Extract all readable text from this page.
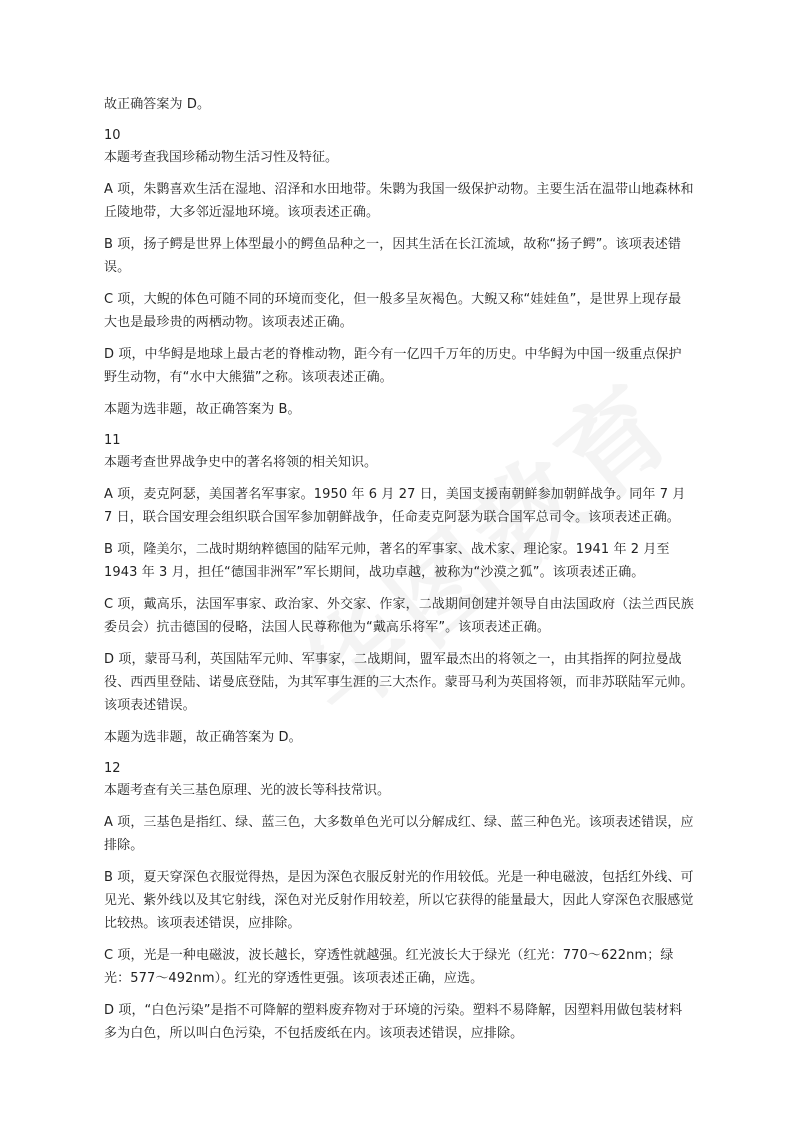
故正确答案为 D。

10

本题考查我国珍稀动物生活习性及特征。

A 项，朱鹮喜欢生活在湿地、沼泽和水田地带。朱鹮为我国一级保护动物。主要生活在温带山地森林和丘陵地带，大多邻近湿地环境。该项表述正确。

B 项，扬子鳄是世界上体型最小的鳄鱼品种之一，因其生活在长江流域，故称“扬子鳄”。该项表述错误。

C 项，大鲵的体色可随不同的环境而变化，但一般多呈灰褐色。大鲵又称“娃娃鱼”，是世界上现存最大也是最珍贵的两栖动物。该项表述正确。

D 项，中华鲟是地球上最古老的脊椎动物，距今有一亿四千万年的历史。中华鲟为中国一级重点保护野生动物，有“水中大熊猫”之称。该项表述正确。

本题为选非题，故正确答案为 B。

11

本题考查世界战争史中的著名将领的相关知识。

A 项，麦克阿瑟，美国著名军事家。1950 年 6 月 27 日，美国支援南朝鲜参加朝鲜战争。同年 7 月 7 日，联合国安理会组织联合国军参加朝鲜战争，任命麦克阿瑟为联合国军总司令。该项表述正确。

B 项，隆美尔，二战时期纳粹德国的陆军元帅，著名的军事家、战术家、理论家。1941 年 2 月至 1943 年 3 月，担任“德国非洲军”军长期间，战功卓越，被称为“沙漠之狐”。该项表述正确。

C 项，戴高乐，法国军事家、政治家、外交家、作家，二战期间创建并领导自由法国政府（法兰西民族委员会）抗击德国的侵略，法国人民尊称他为“戴高乐将军”。该项表述正确。

D 项，蒙哥马利，英国陆军元帅、军事家，二战期间，盟军最杰出的将领之一，由其指挥的阿拉曼战役、西西里登陆、诺曼底登陆，为其军事生涯的三大杰作。蒙哥马利为英国将领，而非苏联陆军元帅。该项表述错误。

本题为选非题，故正确答案为 D。

12

本题考查有关三基色原理、光的波长等科技常识。

A 项，三基色是指红、绿、蓝三色，大多数单色光可以分解成红、绿、蓝三种色光。该项表述错误，应排除。

B 项，夏天穿深色衣服觉得热，是因为深色衣服反射光的作用较低。光是一种电磁波，包括红外线、可见光、紫外线以及其它射线，深色对光反射作用较差，所以它获得的能量最大，因此人穿深色衣服感觉比较热。该项表述错误，应排除。

C 项，光是一种电磁波，波长越长，穿透性就越强。红光波长大于绿光（红光：770～622nm；绿光：577～492nm）。红光的穿透性更强。该项表述正确，应选。

D 项，“白色污染”是指不可降解的塑料废弃物对于环境的污染。塑料不易降解，因塑料用做包装材料多为白色，所以叫白色污染，不包括废纸在内。该项表述错误，应排除。
